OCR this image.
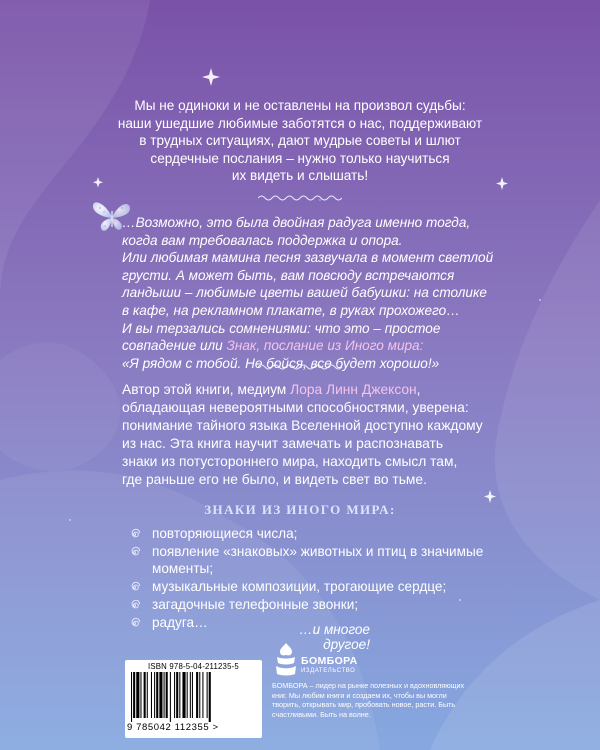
Мы не одиноки и не оставлены на произвол судьбы:
наши ушедшие любимые заботятся о нас, поддерживают
в трудных ситуациях, дают мудрые советы и шлют
сердечные послания – нужно только научиться
их видеть и слышать!
…Возможно, это была двойная радуга именно тогда,
когда вам требовалась поддержка и опора.
Или любимая мамина песня зазвучала в момент светлой
грусти. А может быть, вам повсюду встречаются
ландыши – любимые цветы вашей бабушки: на столике
в кафе, на рекламном плакате, в руках прохожего…
И вы терзались сомнениями: что это – простое
совпадение или Знак, послание из Иного мира:
«Я рядом с тобой. Не бойся, все будет хорошо!»
Автор этой книги, медиум Лора Линн Джексон,
обладающая невероятными способностями, уверена:
понимание тайного языка Вселенной доступно каждому
из нас. Эта книга научит замечать и распознавать
знаки из потустороннего мира, находить смысл там,
где раньше его не было, и видеть свет во тьме.
ЗНАКИ ИЗ ИНОГО МИРА:
повторяющиеся числа;
появление «знаковых» животных и птиц в значимые моменты;
музыкальные композиции, трогающие сердце;
загадочные телефонные звонки;
радуга…	…и многое другое!
ISBN 978-5-04-211235-5
9 785042 112355 >
БОМБОРА
ИЗДАТЕЛЬСТВО
БОМБОРА – лидер на рынке полезных и вдохновляющих книг. Мы любим книги и создаем их, чтобы вы могли творить, открывать мир, пробовать новое, расти. Быть счастливыми. Быть на волне.
